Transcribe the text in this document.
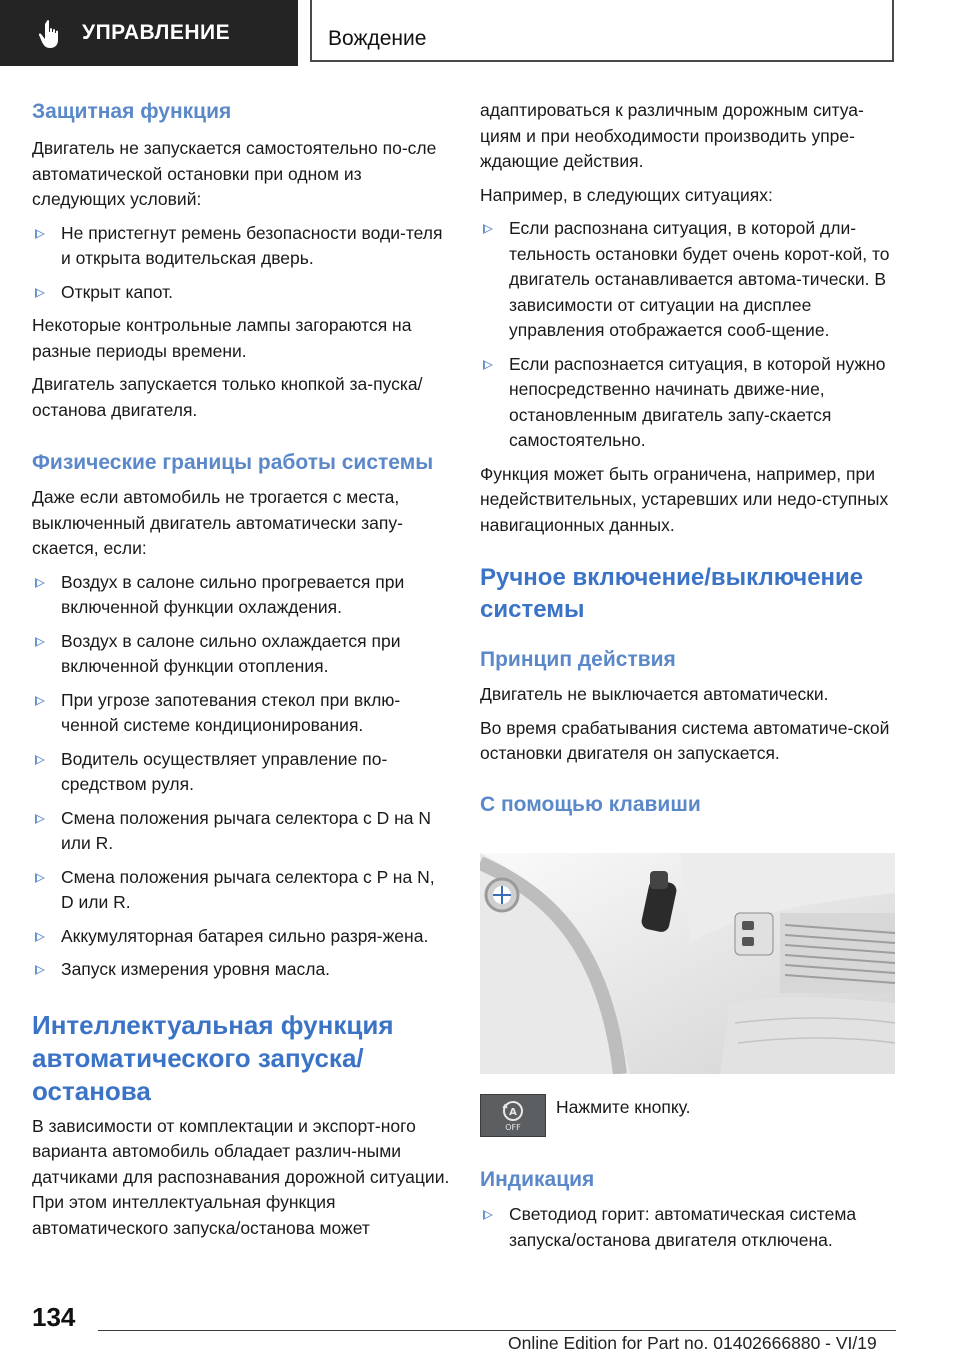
УПРАВЛЕНИЕ	Вождение
Защитная функция

Двигатель не запускается самостоятельно по-сле автоматической остановки при одном из следующих условий:

Не пристегнут ремень безопасности води-теля и открыта водительская дверь.
Открыт капот.

Некоторые контрольные лампы загораются на разные периоды времени.

Двигатель запускается только кнопкой за-пуска/останова двигателя.

Физические границы работы системы

Даже если автомобиль не трогается с места, выключенный двигатель автоматически запу-скается, если:

Воздух в салоне сильно прогревается при включенной функции охлаждения.
Воздух в салоне сильно охлаждается при включенной функции отопления.
При угрозе запотевания стекол при вклю-ченной системе кондиционирования.
Водитель осуществляет управление по-средством руля.
Смена положения рычага селектора с D на N или R.
Смена положения рычага селектора с P на N, D или R.
Аккумуляторная батарея сильно разря-жена.
Запуск измерения уровня масла.
Интеллектуальная функция автоматического запуска/останова

В зависимости от комплектации и экспорт-ного варианта автомобиль обладает различ-ными датчиками для распознавания дорожной ситуации. При этом интеллектуальная функция автоматического запуска/останова может

адаптироваться к различным дорожным ситуа-циям и при необходимости производить упре-ждающие действия.

Например, в следующих ситуациях:

Если распознана ситуация, в которой дли-тельность остановки будет очень корот-кой, то двигатель останавливается автома-тически. В зависимости от ситуации на дисплее управления отображается сооб-щение.
Если распознается ситуация, в которой нужно непосредственно начинать движе-ние, остановленным двигатель запу-скается самостоятельно.

Функция может быть ограничена, например, при недействительных, устаревших или недо-ступных навигационных данных.

Ручное включение/выключение системы
Принцип действия

Двигатель не выключается автоматически.

Во время срабатывания система автоматиче-ской остановки двигателя он запускается.

С помощью клавиши
A
OFF
Нажмите кнопку.
Индикация
Светодиод горит: автоматическая система запуска/останова двигателя отключена.
134
Online Edition for Part no. 01402666880 - VI/19
